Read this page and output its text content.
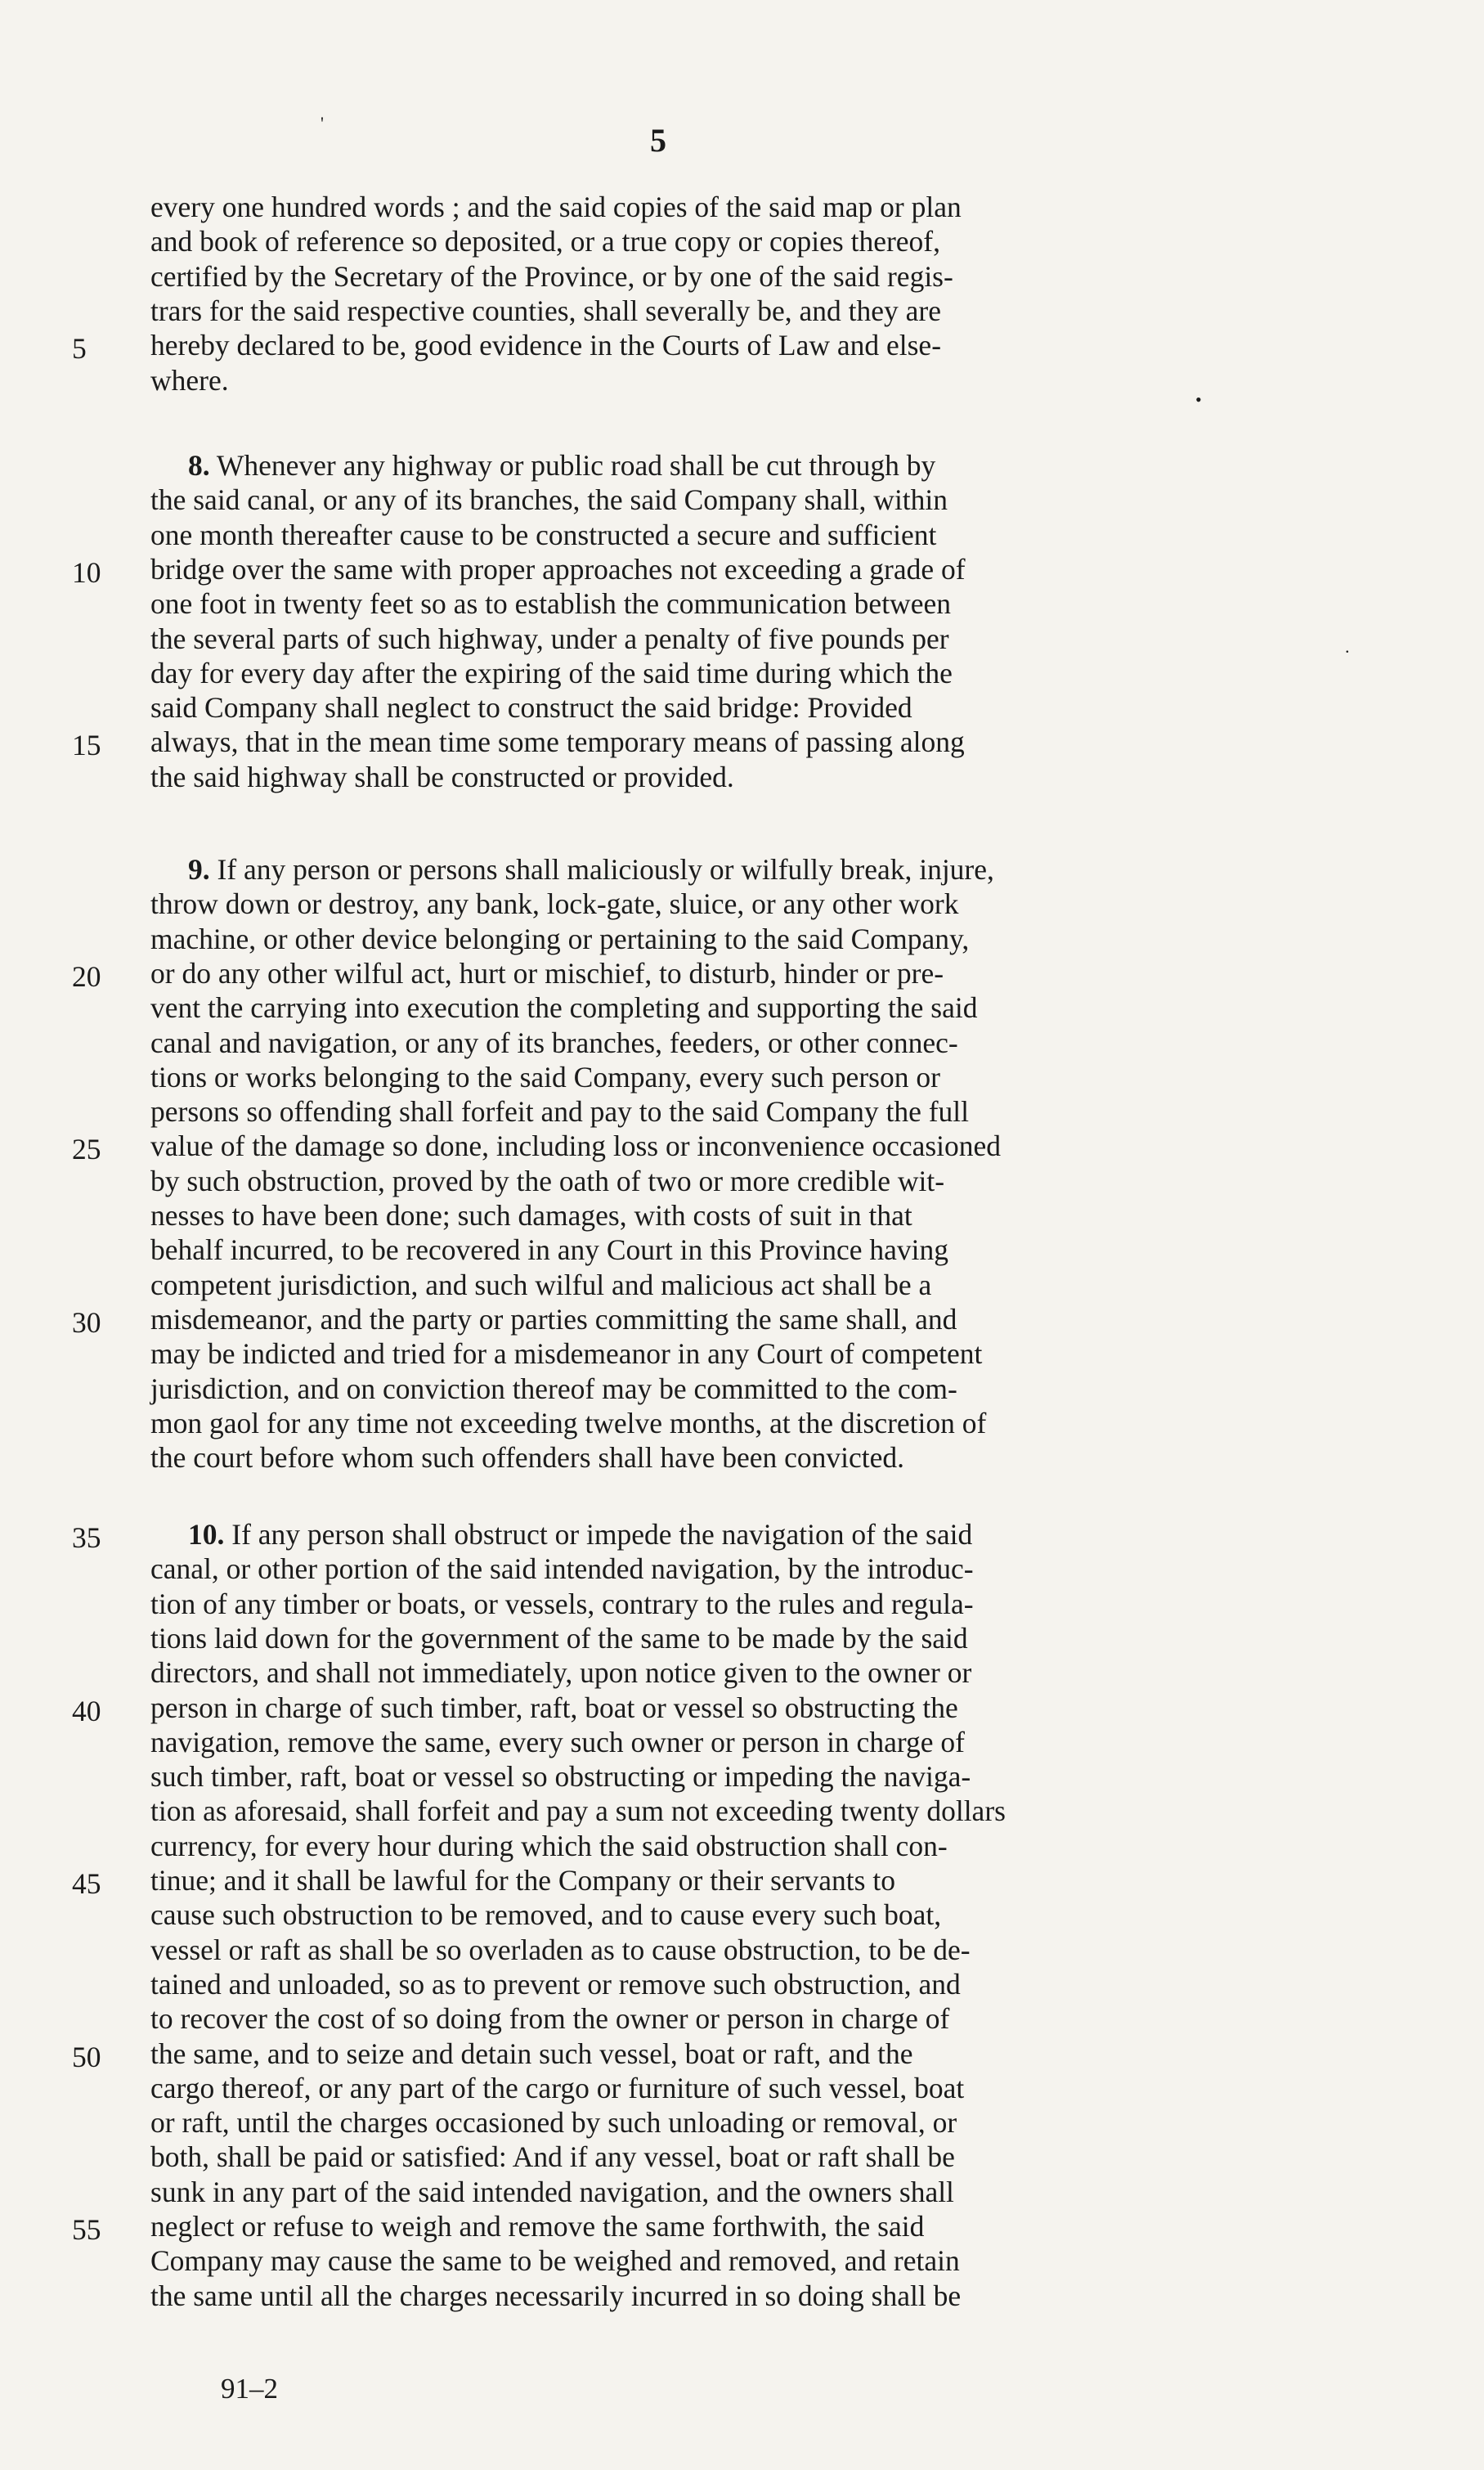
5
every one hundred words ; and the said copies of the said map or plan
and book of reference so deposited, or a true copy or copies thereof,
certified by the Secretary of the Province, or by one of the said regis-
trars for the said respective counties, shall severally be, and they are
hereby declared to be, good evidence in the Courts of Law and else-
5
where.
8. Whenever any highway or public road shall be cut through by
the said canal, or any of its branches, the said Company shall, within
one month thereafter cause to be constructed a secure and sufficient
bridge over the same with proper approaches not exceeding a grade of
10
one foot in twenty feet so as to establish the communication between
the several parts of such highway, under a penalty of five pounds per
day for every day after the expiring of the said time during which the
said Company shall neglect to construct the said bridge: Provided
always, that in the mean time some temporary means of passing along
15
the said highway shall be constructed or provided.
9. If any person or persons shall maliciously or wilfully break, injure,
throw down or destroy, any bank, lock-gate, sluice, or any other work
machine, or other device belonging or pertaining to the said Company,
or do any other wilful act, hurt or mischief, to disturb, hinder or pre-
20
vent the carrying into execution the completing and supporting the said
canal and navigation, or any of its branches, feeders, or other connec-
tions or works belonging to the said Company, every such person or
persons so offending shall forfeit and pay to the said Company the full
value of the damage so done, including loss or inconvenience occasioned
25
by such obstruction, proved by the oath of two or more credible wit-
nesses to have been done; such damages, with costs of suit in that
behalf incurred, to be recovered in any Court in this Province having
competent jurisdiction, and such wilful and malicious act shall be a
misdemeanor, and the party or parties committing the same shall, and
30
may be indicted and tried for a misdemeanor in any Court of competent
jurisdiction, and on conviction thereof may be committed to the com-
mon gaol for any time not exceeding twelve months, at the discretion of
the court before whom such offenders shall have been convicted.
10. If any person shall obstruct or impede the navigation of the said
35
canal, or other portion of the said intended navigation, by the introduc-
tion of any timber or boats, or vessels, contrary to the rules and regula-
tions laid down for the government of the same to be made by the said
directors, and shall not immediately, upon notice given to the owner or
person in charge of such timber, raft, boat or vessel so obstructing the
40
navigation, remove the same, every such owner or person in charge of
such timber, raft, boat or vessel so obstructing or impeding the naviga-
tion as aforesaid, shall forfeit and pay a sum not exceeding twenty dollars
currency, for every hour during which the said obstruction shall con-
tinue; and it shall be lawful for the Company or their servants to
45
cause such obstruction to be removed, and to cause every such boat,
vessel or raft as shall be so overladen as to cause obstruction, to be de-
tained and unloaded, so as to prevent or remove such obstruction, and
to recover the cost of so doing from the owner or person in charge of
the same, and to seize and detain such vessel, boat or raft, and the
50
cargo thereof, or any part of the cargo or furniture of such vessel, boat
or raft, until the charges occasioned by such unloading or removal, or
both, shall be paid or satisfied: And if any vessel, boat or raft shall be
sunk in any part of the said intended navigation, and the owners shall
neglect or refuse to weigh and remove the same forthwith, the said
55
Company may cause the same to be weighed and removed, and retain
the same until all the charges necessarily incurred in so doing shall be
91–2
'
•
.
